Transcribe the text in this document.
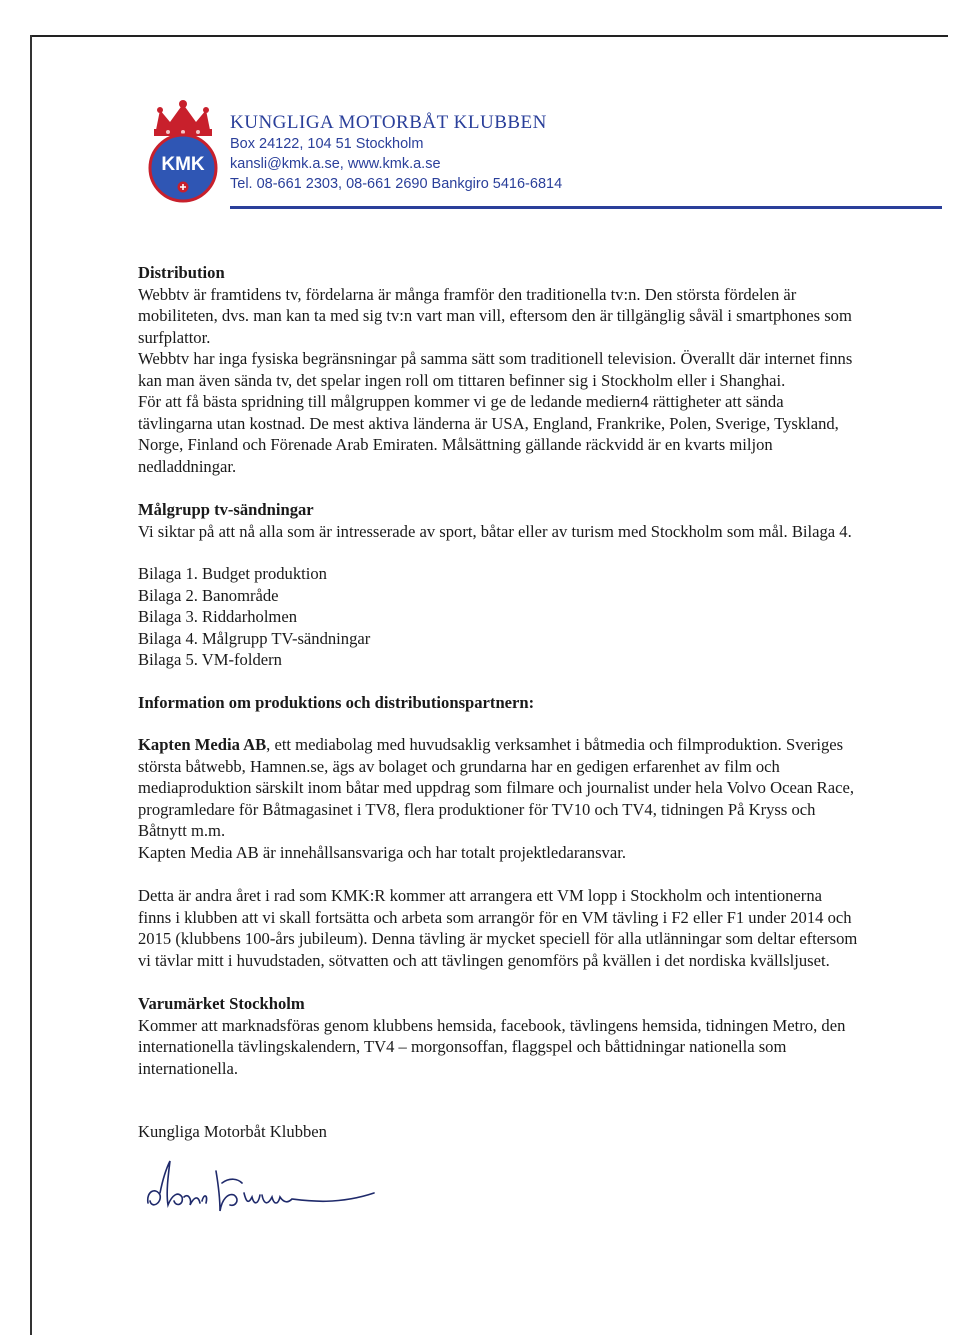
KMK
KUNGLIGA MOTORBÅT KLUBBEN
Box 24122, 104 51 Stockholm
kansli@kmk.a.se, www.kmk.a.se
Tel. 08-661 2303, 08-661 2690 Bankgiro 5416-6814
Distribution

Webbtv är framtidens tv, fördelarna är många framför den traditionella tv:n. Den största fördelen är mobiliteten, dvs. man kan ta med sig tv:n vart man vill, eftersom den är tillgänglig såväl i smartphones som surfplattor.

Webbtv har inga fysiska begränsningar på samma sätt som traditionell television. Överallt där internet finns kan man även sända tv, det spelar ingen roll om tittaren befinner sig i Stockholm eller i Shanghai.

För att få bästa spridning till målgruppen kommer vi ge de ledande mediern4 rättigheter att sända tävlingarna utan kostnad. De mest aktiva länderna är USA, England, Frankrike, Polen, Sverige, Tyskland, Norge, Finland och Förenade Arab Emiraten. Målsättning gällande räckvidd är en kvarts miljon nedladdningar.

Målgrupp tv-sändningar

Vi siktar på att nå alla som är intresserade av sport, båtar eller av turism med Stockholm som mål. Bilaga 4.

Bilaga 1. Budget produktion
Bilaga 2. Banområde
Bilaga 3. Riddarholmen
Bilaga 4. Målgrupp TV-sändningar
Bilaga 5. VM-foldern
Information om produktions och distributionspartnern:

Kapten Media AB, ett mediabolag med huvudsaklig verksamhet i båtmedia och filmproduktion. Sveriges största båtwebb, Hamnen.se, ägs av bolaget och grundarna har en gedigen erfarenhet av film och mediaproduktion särskilt inom båtar med uppdrag som filmare och journalist under hela Volvo Ocean Race, programledare för Båtmagasinet i TV8, flera produktioner för TV10 och TV4, tidningen På Kryss och Båtnytt m.m.

Kapten Media AB är innehållsansvariga och har totalt projektledaransvar.

Detta är andra året i rad som KMK:R kommer att arrangera ett VM lopp i Stockholm och intentionerna finns i klubben att vi skall fortsätta och arbeta som arrangör för en VM tävling i F2 eller F1 under 2014 och 2015 (klubbens 100-års jubileum). Denna tävling är mycket speciell för alla utlänningar som deltar eftersom vi tävlar mitt i huvudstaden, sötvatten och att tävlingen genomförs på kvällen i det nordiska kvällsljuset.

Varumärket Stockholm

Kommer att marknadsföras genom klubbens hemsida, facebook, tävlingens hemsida, tidningen Metro, den internationella tävlingskalendern, TV4 – morgonsoffan, flaggspel och båttidningar nationella som internationella.

Kungliga Motorbåt Klubben
